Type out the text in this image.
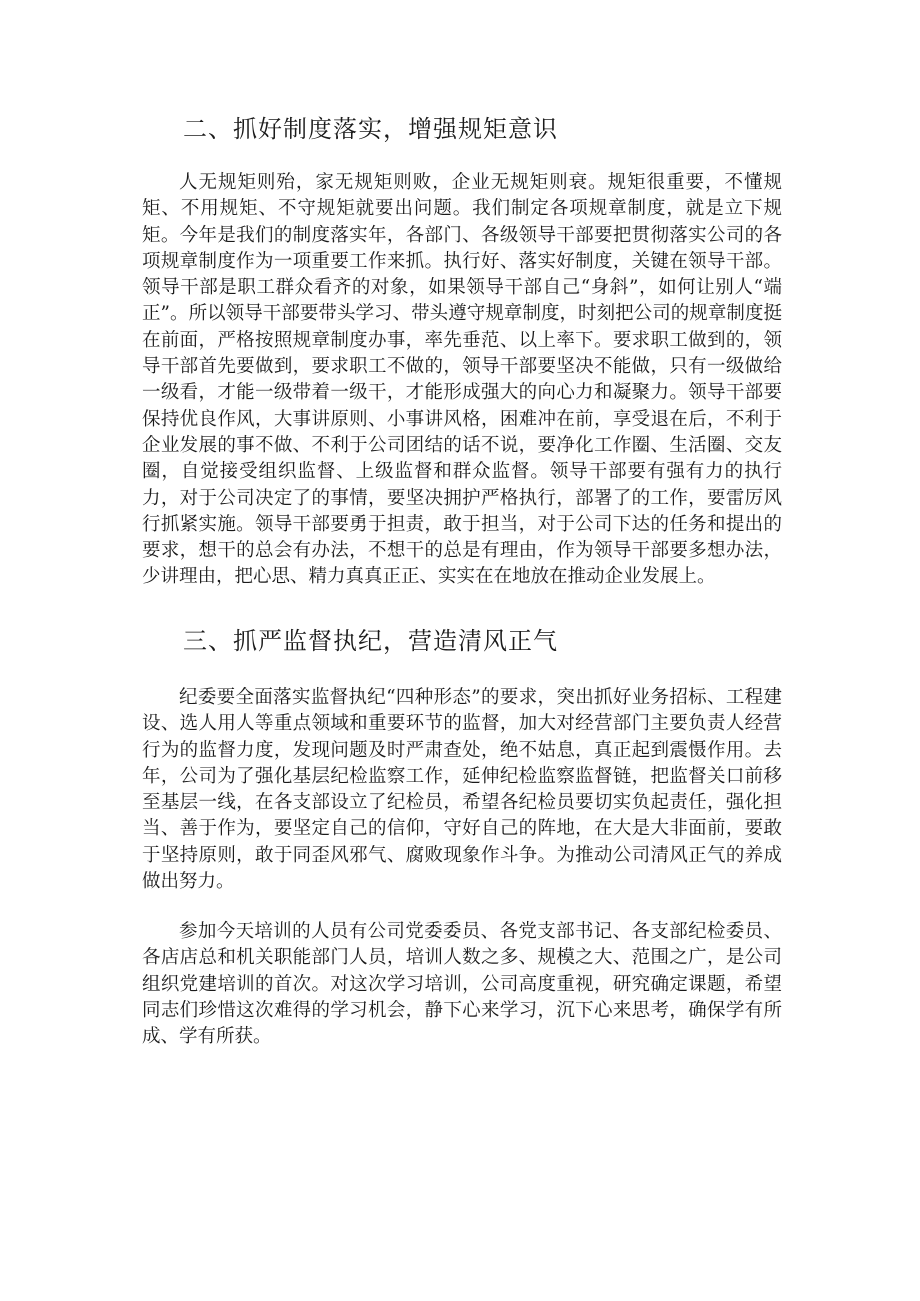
二、抓好制度落实，增强规矩意识

人无规矩则殆，家无规矩则败，企业无规矩则衰。规矩很重要，不懂规矩、不用规矩、不守规矩就要出问题。我们制定各项规章制度，就是立下规矩。今年是我们的制度落实年，各部门、各级领导干部要把贯彻落实公司的各项规章制度作为一项重要工作来抓。执行好、落实好制度，关键在领导干部。领导干部是职工群众看齐的对象，如果领导干部自己“身斜”，如何让别人“端正”。所以领导干部要带头学习、带头遵守规章制度，时刻把公司的规章制度挺在前面，严格按照规章制度办事，率先垂范、以上率下。要求职工做到的，领导干部首先要做到，要求职工不做的，领导干部要坚决不能做，只有一级做给一级看，才能一级带着一级干，才能形成强大的向心力和凝聚力。领导干部要保持优良作风，大事讲原则、小事讲风格，困难冲在前，享受退在后，不利于企业发展的事不做、不利于公司团结的话不说，要净化工作圈、生活圈、交友圈，自觉接受组织监督、上级监督和群众监督。领导干部要有强有力的执行力，对于公司决定了的事情，要坚决拥护严格执行，部署了的工作，要雷厉风行抓紧实施。领导干部要勇于担责，敢于担当，对于公司下达的任务和提出的要求，想干的总会有办法，不想干的总是有理由，作为领导干部要多想办法，少讲理由，把心思、精力真真正正、实实在在地放在推动企业发展上。

三、抓严监督执纪，营造清风正气

纪委要全面落实监督执纪“四种形态”的要求，突出抓好业务招标、工程建设、选人用人等重点领域和重要环节的监督，加大对经营部门主要负责人经营行为的监督力度，发现问题及时严肃查处，绝不姑息，真正起到震慑作用。去年，公司为了强化基层纪检监察工作，延伸纪检监察监督链，把监督关口前移至基层一线，在各支部设立了纪检员，希望各纪检员要切实负起责任，强化担当、善于作为，要坚定自己的信仰，守好自己的阵地，在大是大非面前，要敢于坚持原则，敢于同歪风邪气、腐败现象作斗争。为推动公司清风正气的养成做出努力。

参加今天培训的人员有公司党委委员、各党支部书记、各支部纪检委员、各店店总和机关职能部门人员，培训人数之多、规模之大、范围之广，是公司组织党建培训的首次。对这次学习培训，公司高度重视，研究确定课题，希望同志们珍惜这次难得的学习机会，静下心来学习，沉下心来思考，确保学有所成、学有所获。
